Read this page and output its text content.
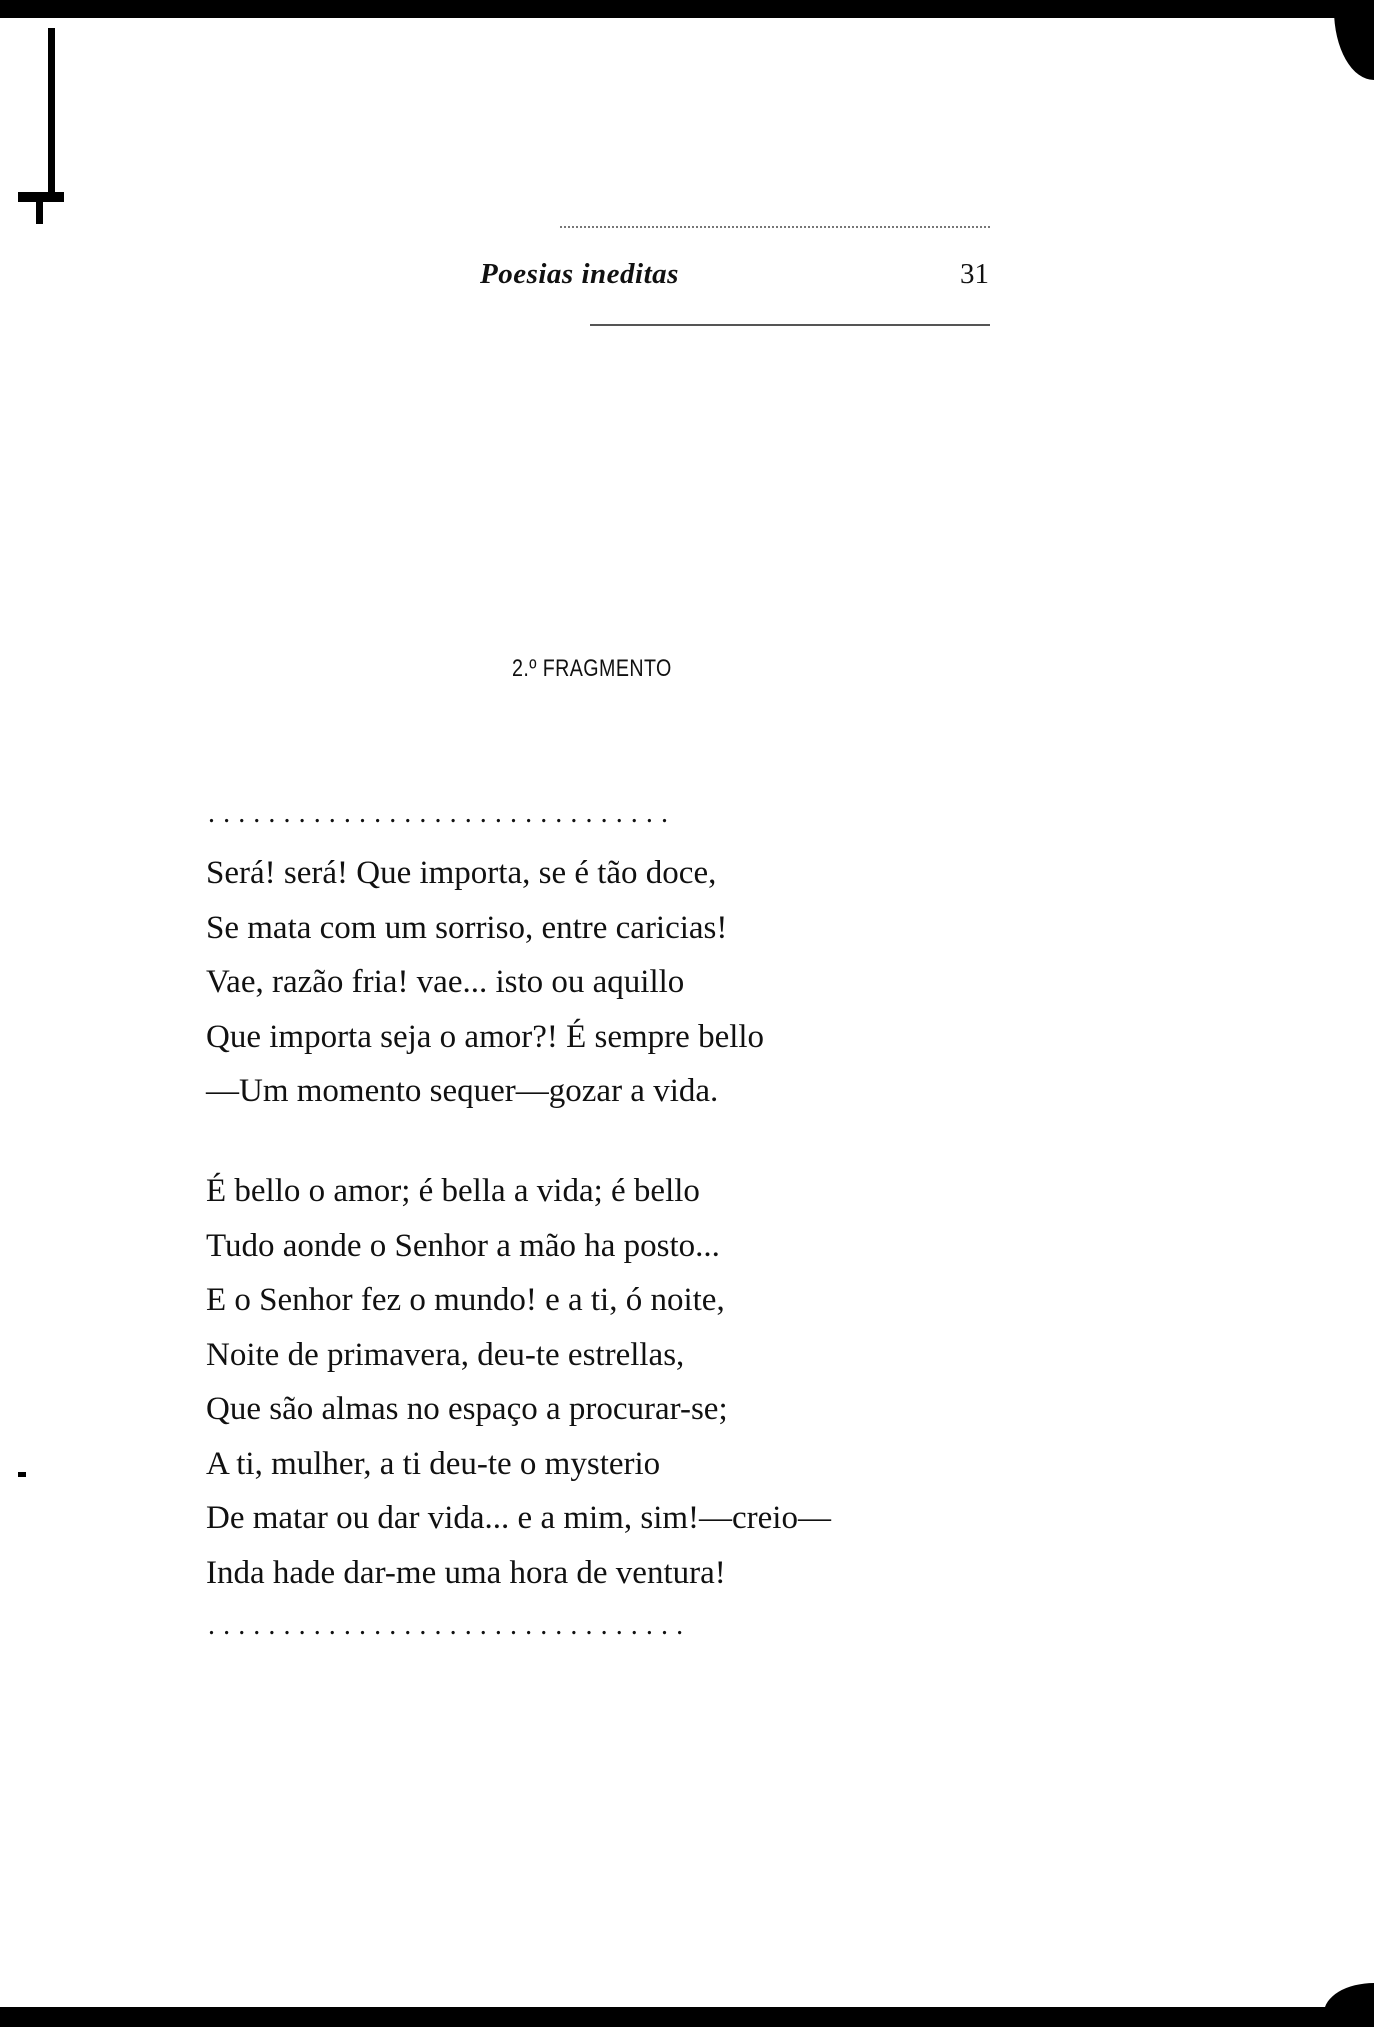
Poesias ineditas	31
2.º FRAGMENTO
...............................
Será! será! Que importa, se é tão doce,
Se mata com um sorriso, entre caricias!
Vae, razão fria! vae... isto ou aquillo
Que importa seja o amor?! É sempre bello
—Um momento sequer—gozar a vida.
É bello o amor; é bella a vida; é bello
Tudo aonde o Senhor a mão ha posto...
E o Senhor fez o mundo! e a ti, ó noite,
Noite de primavera, deu-te estrellas,
Que são almas no espaço a procurar-se;
A ti, mulher, a ti deu-te o mysterio
De matar ou dar vida... e a mim, sim!—creio—
Inda hade dar-me uma hora de ventura!
................................
